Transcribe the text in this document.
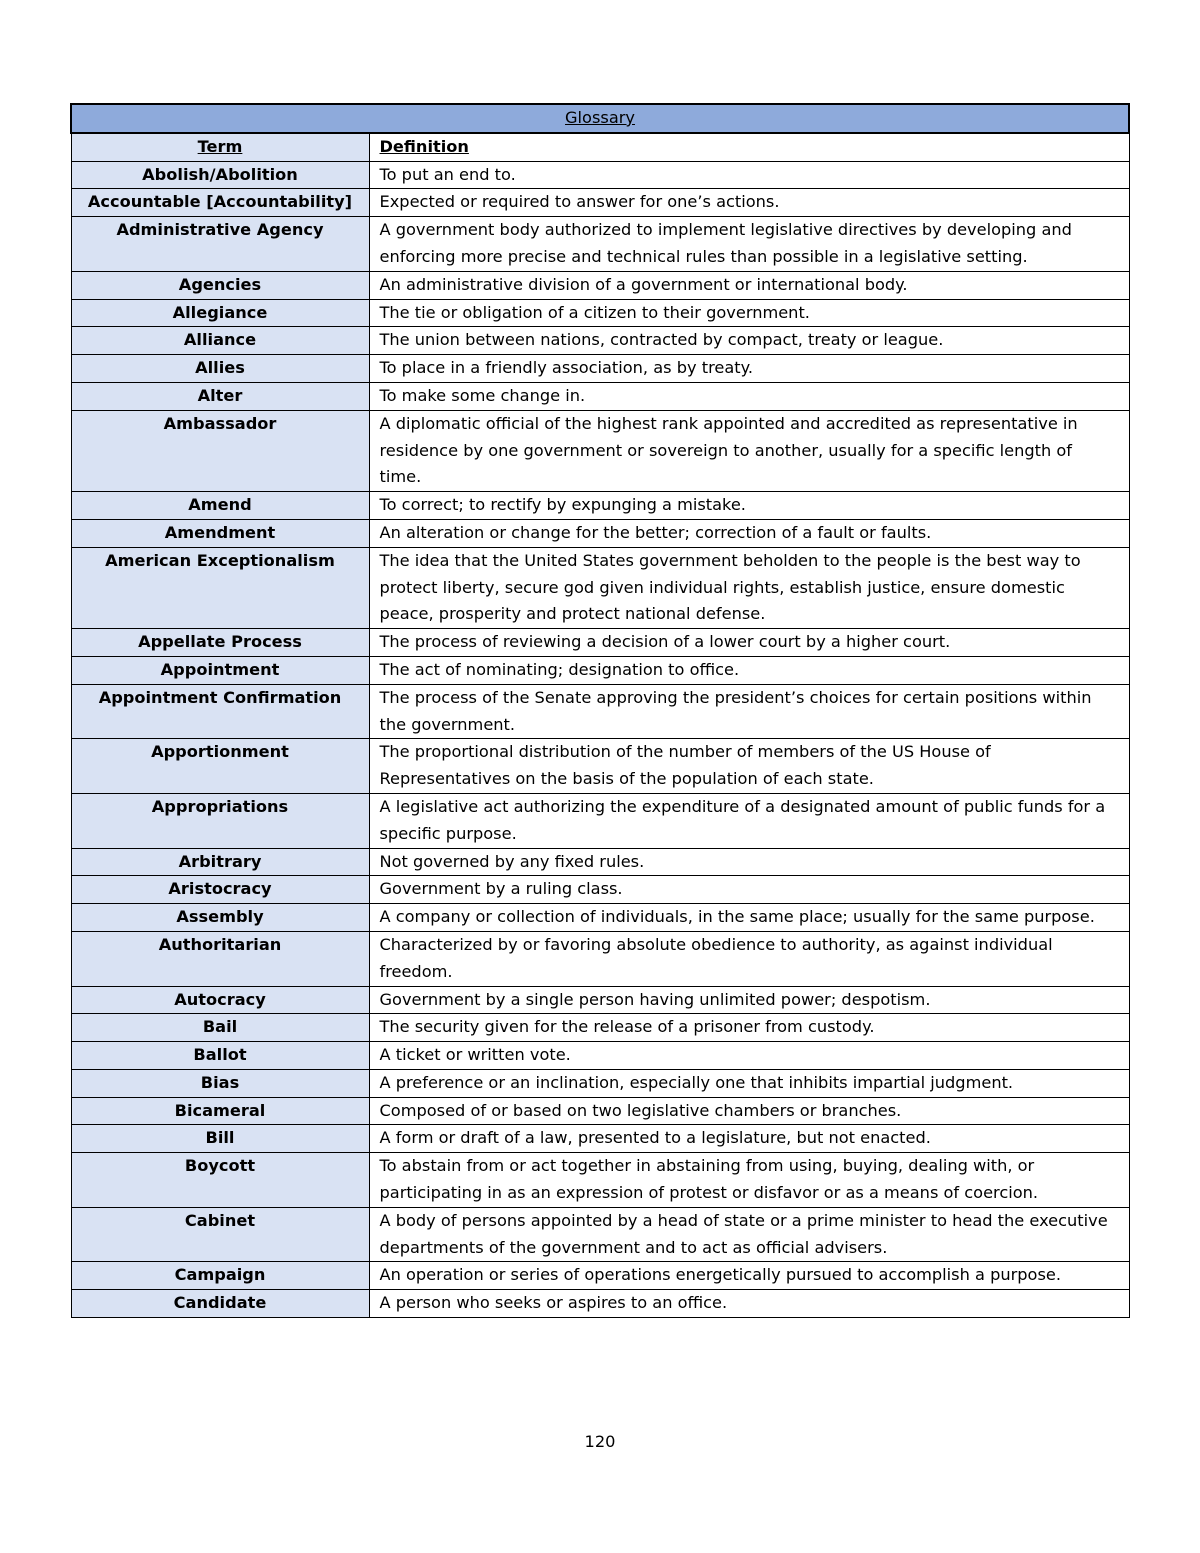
Glossary	
Term	Definition
Abolish/Abolition	To put an end to.
Accountable [Accountability]	Expected or required to answer for one’s actions.
Administrative Agency	A government body authorized to implement legislative directives by developing and enforcing more precise and technical rules than possible in a legislative setting.
Agencies	An administrative division of a government or international body.
Allegiance	The tie or obligation of a citizen to their government.
Alliance	The union between nations, contracted by compact, treaty or league.
Allies	To place in a friendly association, as by treaty.
Alter	To make some change in.
Ambassador	A diplomatic official of the highest rank appointed and accredited as representative in residence by one government or sovereign to another, usually for a specific length of time.
Amend	To correct; to rectify by expunging a mistake.
Amendment	An alteration or change for the better; correction of a fault or faults.
American Exceptionalism	The idea that the United States government beholden to the people is the best way to protect liberty, secure god given individual rights, establish justice, ensure domestic peace, prosperity and protect national defense.
Appellate Process	The process of reviewing a decision of a lower court by a higher court.
Appointment	The act of nominating; designation to office.
Appointment Confirmation	The process of the Senate approving the president’s choices for certain positions within the government.
Apportionment	The proportional distribution of the number of members of the US House of Representatives on the basis of the population of each state.
Appropriations	A legislative act authorizing the expenditure of a designated amount of public funds for a specific purpose.
Arbitrary	Not governed by any fixed rules.
Aristocracy	Government by a ruling class.
Assembly	A company or collection of individuals, in the same place; usually for the same purpose.
Authoritarian	Characterized by or favoring absolute obedience to authority, as against individual freedom.
Autocracy	Government by a single person having unlimited power; despotism.
Bail	The security given for the release of a prisoner from custody.
Ballot	A ticket or written vote.
Bias	A preference or an inclination, especially one that inhibits impartial judgment.
Bicameral	Composed of or based on two legislative chambers or branches.
Bill	A form or draft of a law, presented to a legislature, but not enacted.
Boycott	To abstain from or act together in abstaining from using, buying, dealing with, or participating in as an expression of protest or disfavor or as a means of coercion.
Cabinet	A body of persons appointed by a head of state or a prime minister to head the executive departments of the government and to act as official advisers.
Campaign	An operation or series of operations energetically pursued to accomplish a purpose.
Candidate	A person who seeks or aspires to an office.
120
